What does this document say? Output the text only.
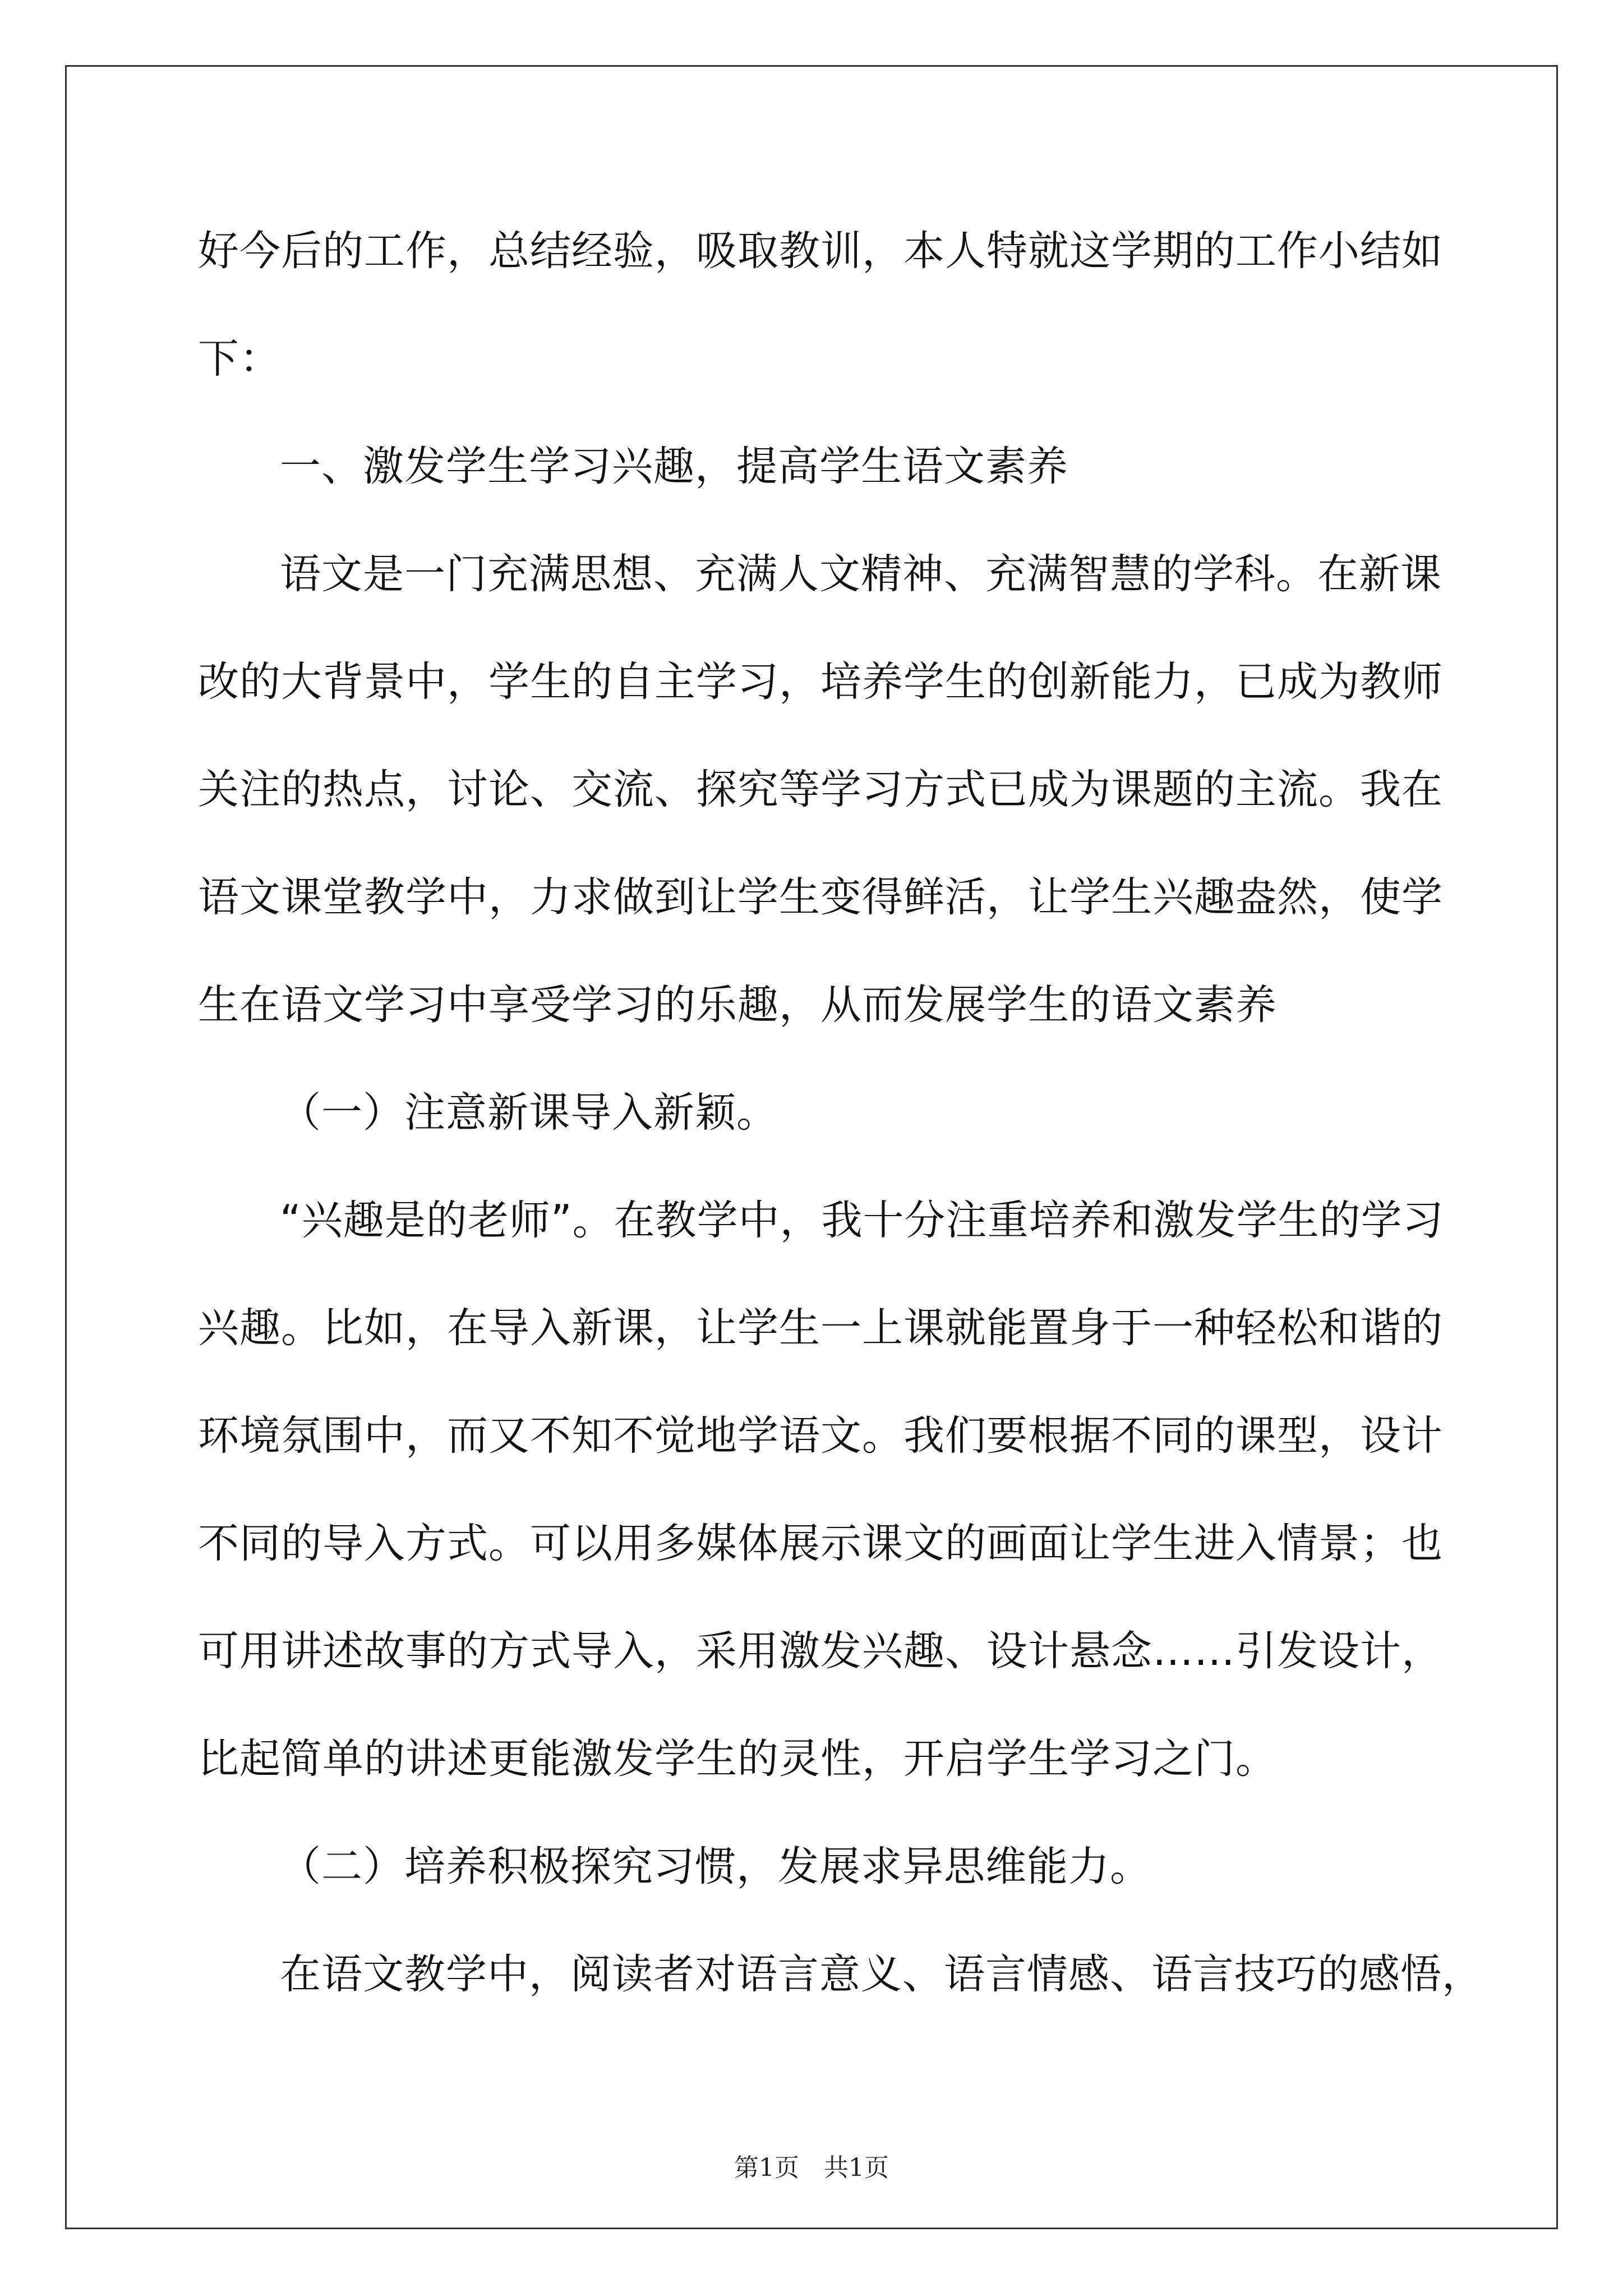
好今后的工作，总结经验，吸取教训，本人特就这学期的工作小结如
下：
一、激发学生学习兴趣，提高学生语文素养
语文是一门充满思想、充满人文精神、充满智慧的学科。在新课
改的大背景中，学生的自主学习，培养学生的创新能力，已成为教师
关注的热点，讨论、交流、探究等学习方式已成为课题的主流。我在
语文课堂教学中，力求做到让学生变得鲜活，让学生兴趣盎然，使学
生在语文学习中享受学习的乐趣，从而发展学生的语文素养
（一）注意新课导入新颖。
“兴趣是的老师”。在教学中，我十分注重培养和激发学生的学习
兴趣。比如，在导入新课，让学生一上课就能置身于一种轻松和谐的
环境氛围中，而又不知不觉地学语文。我们要根据不同的课型，设计
不同的导入方式。可以用多媒体展示课文的画面让学生进入情景；也
可用讲述故事的方式导入，采用激发兴趣、设计悬念……引发设计，
比起简单的讲述更能激发学生的灵性，开启学生学习之门。
（二）培养积极探究习惯，发展求异思维能力。
在语文教学中，阅读者对语言意义、语言情感、语言技巧的感悟，
第1页　共1页
